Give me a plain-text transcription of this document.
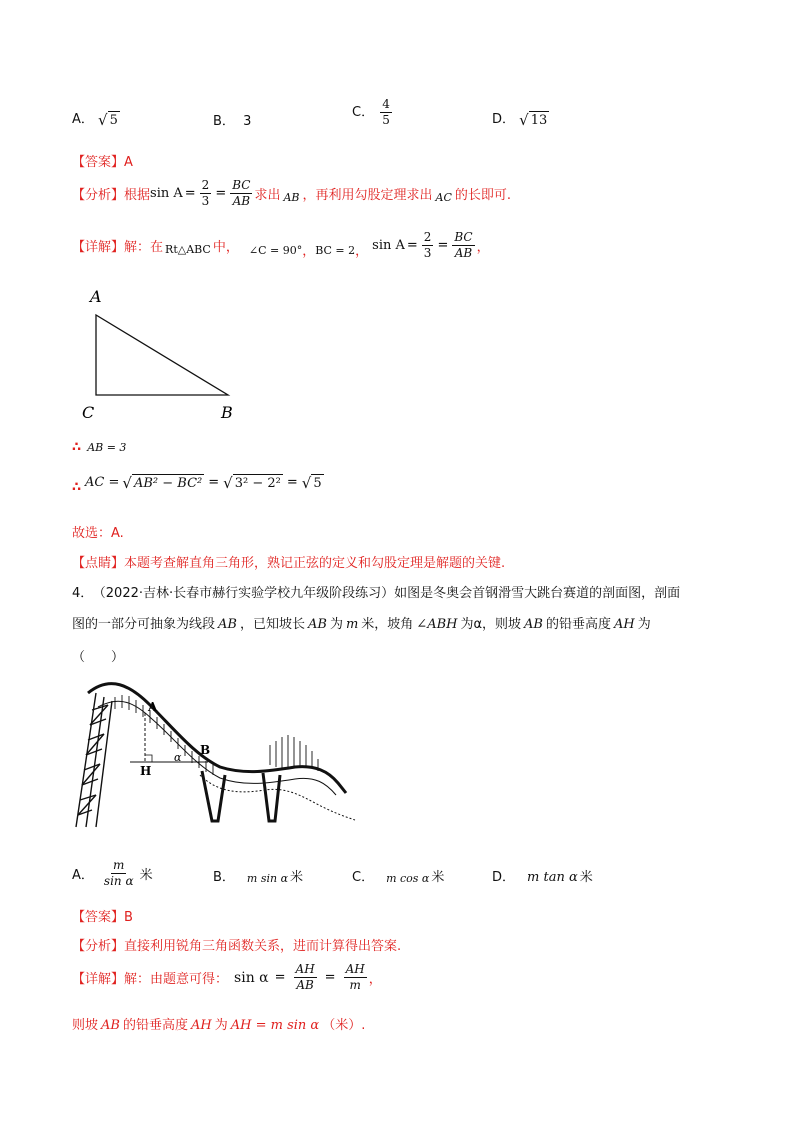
A． √ 5	B． 3
C． $\frac{4}{5}$	D． √ 13
【答案】A
【分析】 根据 $\sin A = \frac{2}{3} = \frac{BC}{AB}$ 求出 AB ，再利用勾股定理求出 AC 的长即可.
【详解】 解：在 Rt△ABC 中， ∠C = 90° ， BC = 2 ， $\sin A = \frac{2}{3} = \frac{BC}{AB}$ ，
A
C	B
∴ AB = 3
∴ AC = √ AB² − BC² = √ 3² − 2² = √ 5
故选：A.
【点睛】本题考查解直角三角形，熟记正弦的定义和勾股定理是解题的关键.
4． （2022·吉林·长春市赫行实验学校九年级阶段练习）如图是冬奥会首钢滑雪大跳台赛道的剖面图，剖面
图的一部分可抽象为线段 AB ，已知坡长 AB 为 m 米，坡角 ∠ABH 为α，则坡 AB 的铅垂高度 AH 为
（　　）
A
B
H
α
A． $\frac{m}{\text{sin α}}$ 米	B． m sin α 米	C． m cos α 米	D． m tan α 米
【答案】B
【分析】直接利用锐角三角函数关系，进而计算得出答案.
【详解】 解：由题意可得： $\sin \alpha = \frac{AH}{AB} = \frac{AH}{m}$ ，
则坡 AB 的铅垂高度 AH 为 AH = m sin α （米）.
